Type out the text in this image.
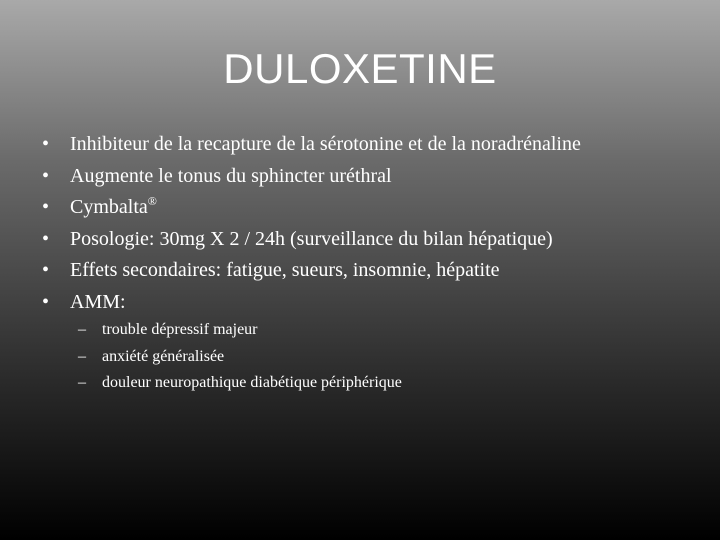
DULOXETINE
• Inhibiteur de la recapture de la sérotonine et de la noradrénaline
• Augmente le tonus du sphincter uréthral
• Cymbalta®
• Posologie: 30mg X 2 / 24h (surveillance du bilan hépatique)
• Effets secondaires: fatigue, sueurs, insomnie, hépatite
• AMM:
– trouble dépressif majeur
– anxiété généralisée
– douleur neuropathique diabétique périphérique
